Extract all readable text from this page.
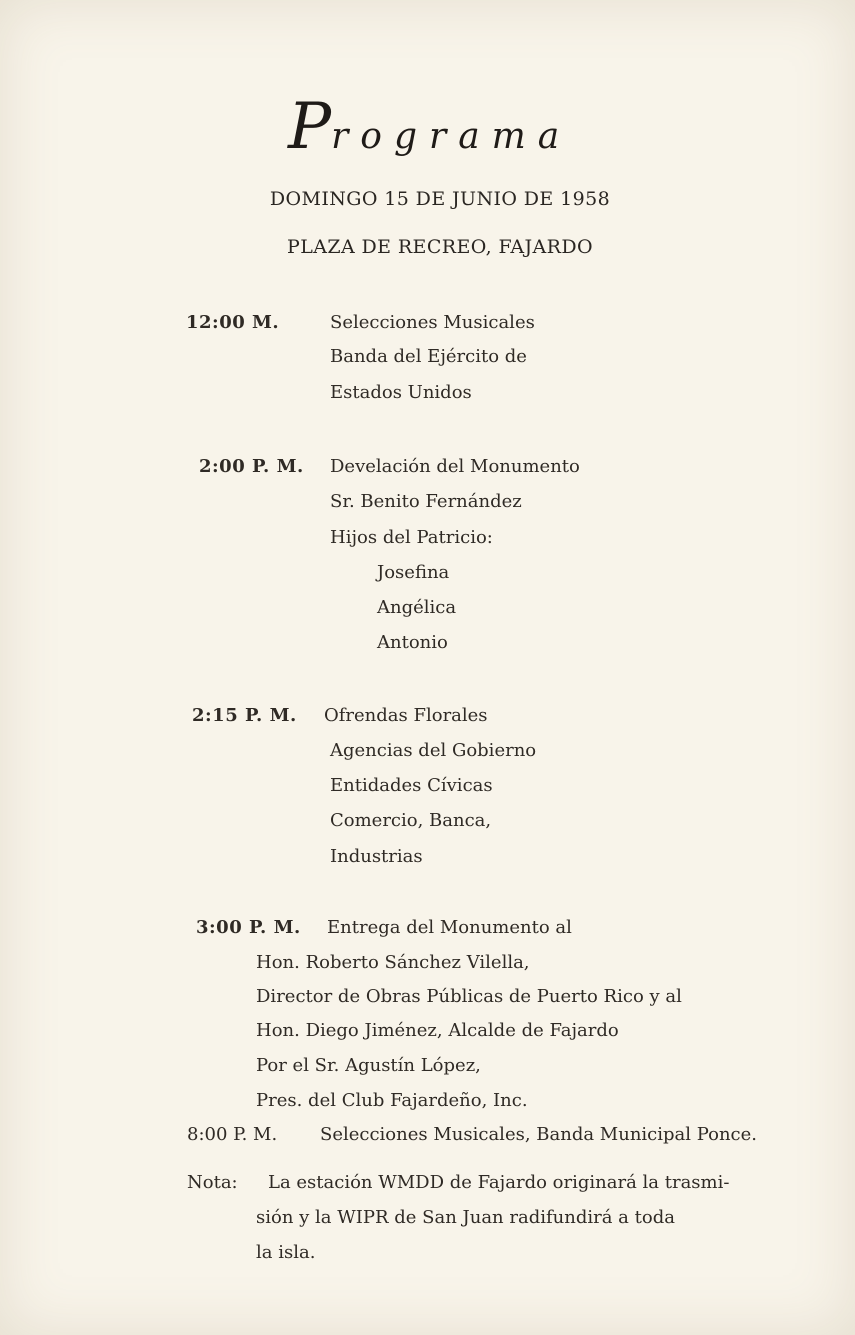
Programa
DOMINGO 15 DE JUNIO DE 1958
PLAZA DE RECREO, FAJARDO
12:00 M.	Selecciones Musicales
Banda del Ejército de
Estados Unidos
2:00 P. M. Develación del Monumento
Sr. Benito Fernández
Hijos del Patricio:
Josefina
Angélica
Antonio
2:15 P. M. Ofrendas Florales
Agencias del Gobierno
Entidades Cívicas
Comercio, Banca,
Industrias
3:00 P. M. Entrega del Monumento al
Hon. Roberto Sánchez Vilella,
Director de Obras Públicas de Puerto Rico y al
Hon. Diego Jiménez, Alcalde de Fajardo
Por el Sr. Agustín López,
Pres. del Club Fajardeño, Inc.
8:00 P. M. Selecciones Musicales, Banda Municipal Ponce.
Nota: La estación WMDD de Fajardo originará la trasmi-
sión y la WIPR de San Juan radifundirá a toda
la isla.
